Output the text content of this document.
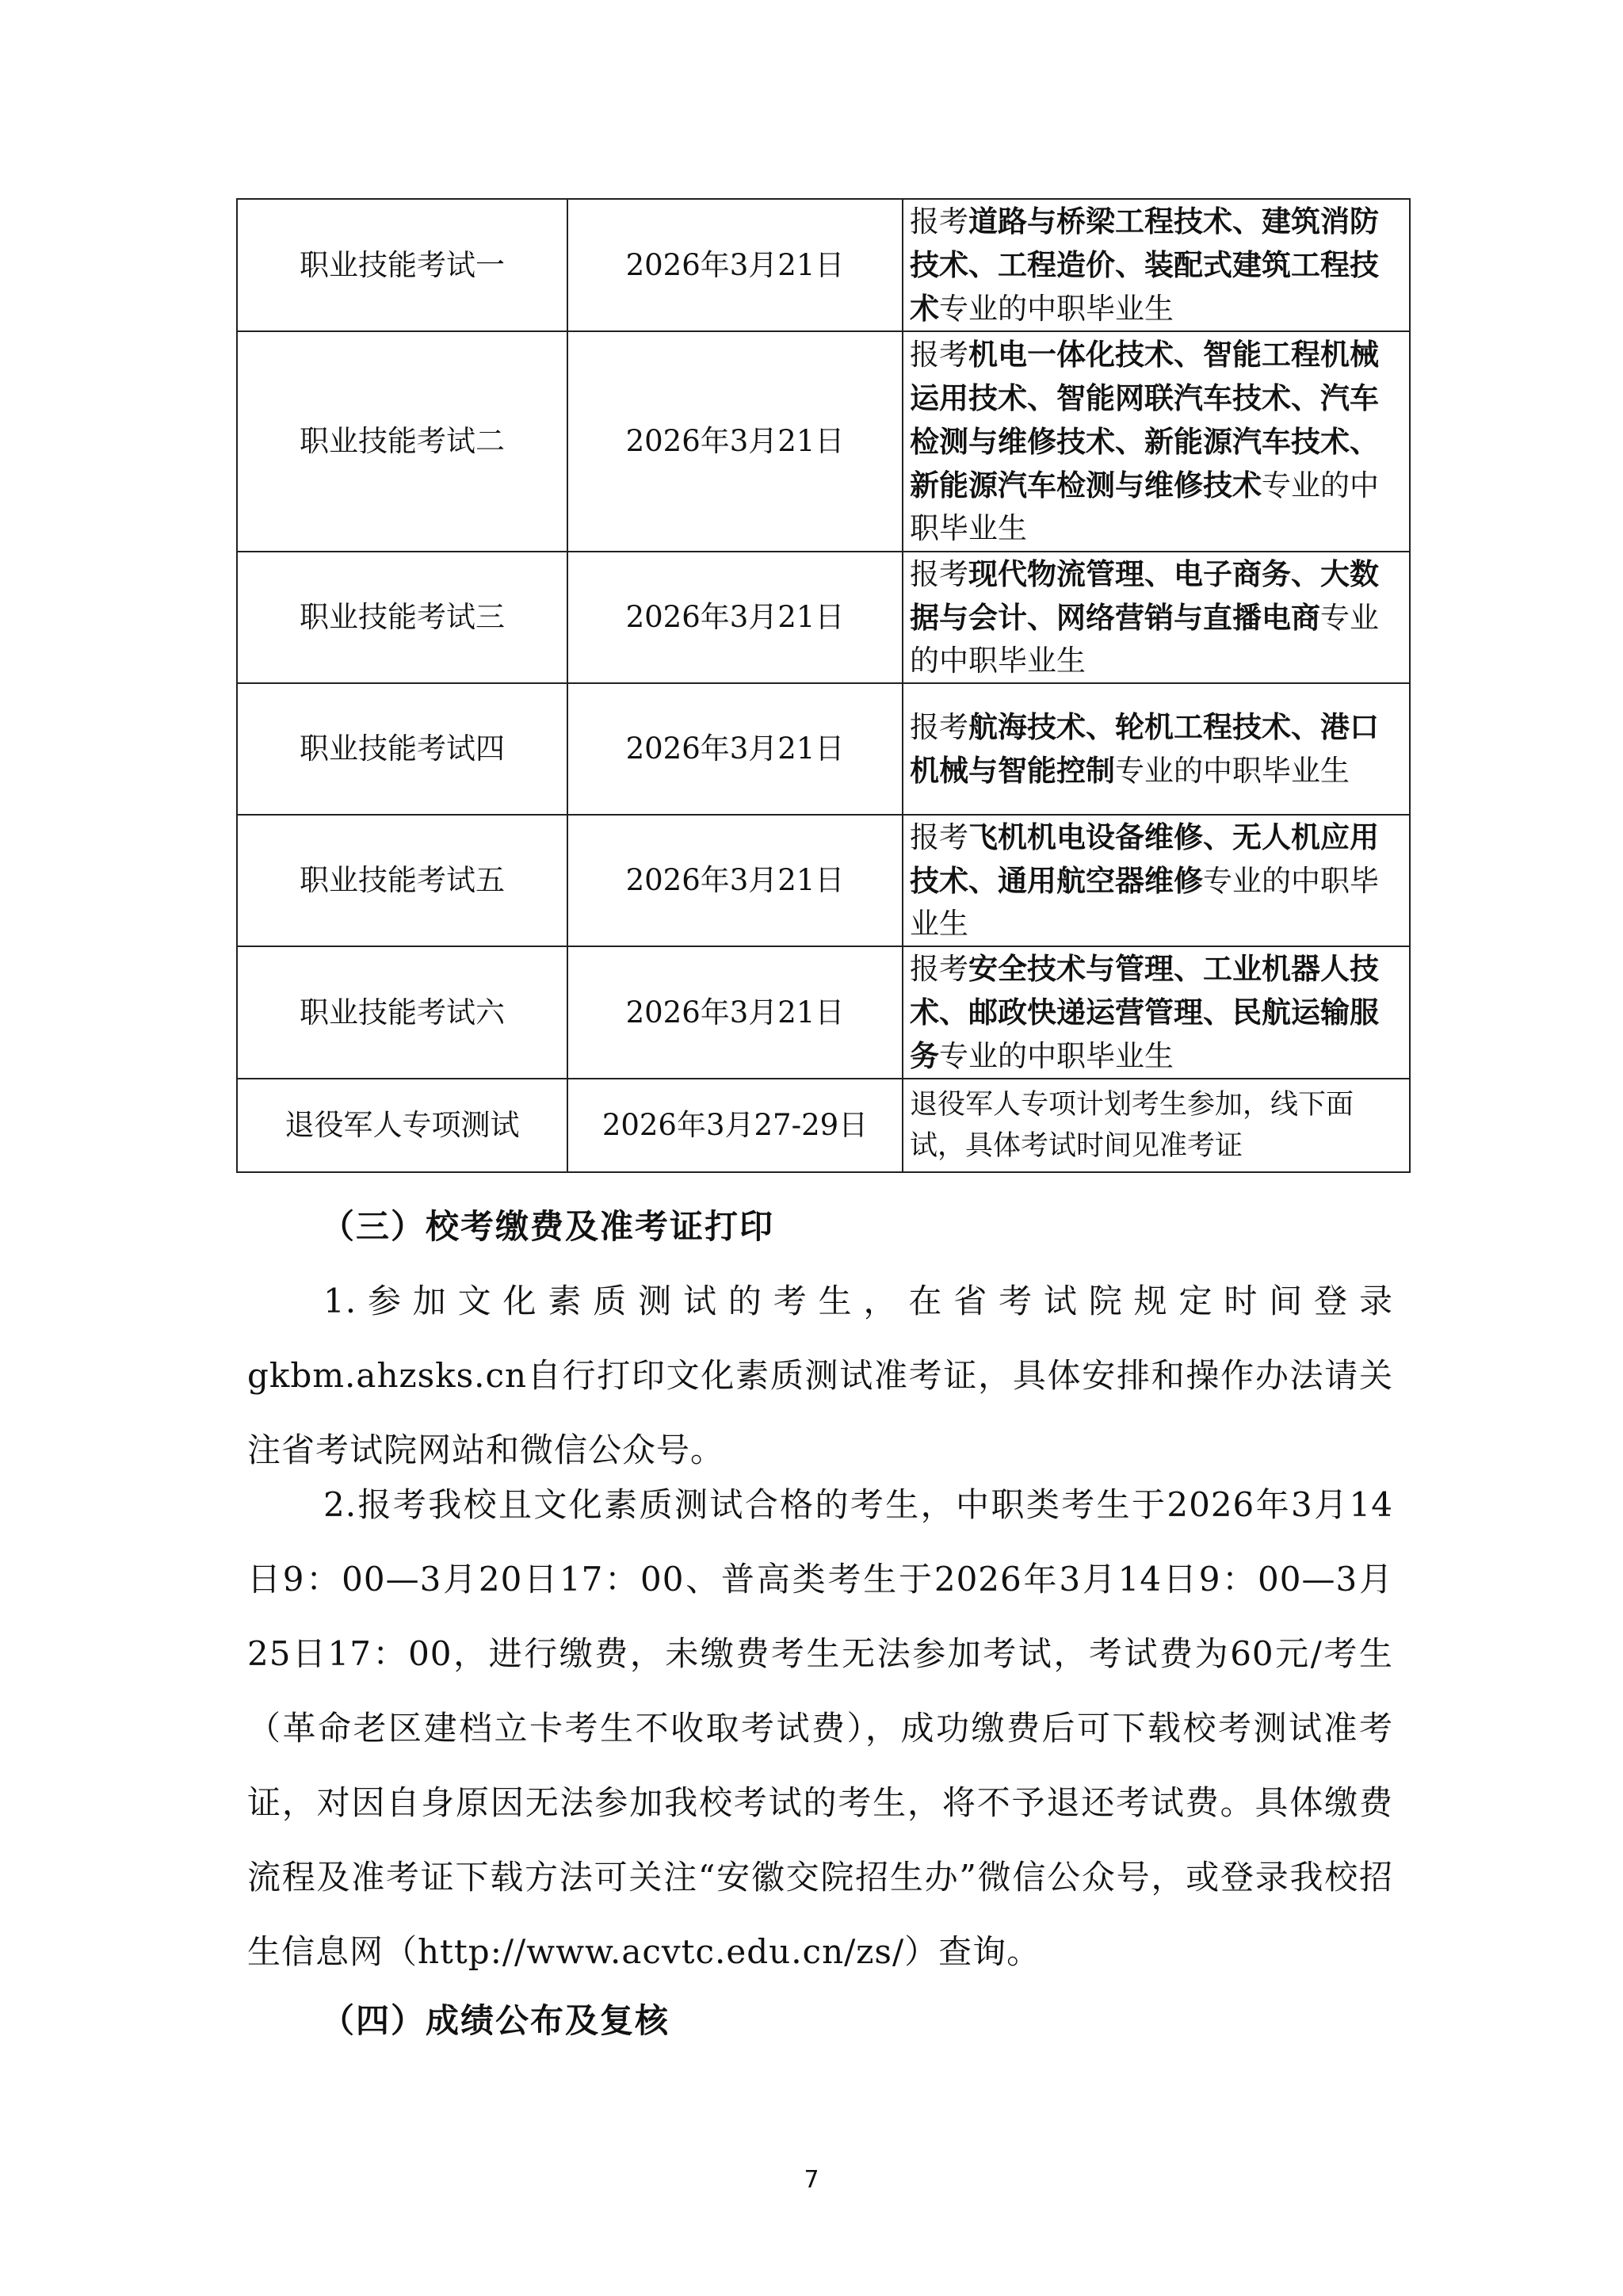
职业技能考试一	2026年3月21日	报考道路与桥梁工程技术、建筑消防技术、工程造价、装配式建筑工程技术专业的中职毕业生
职业技能考试二	2026年3月21日	报考机电一体化技术、智能工程机械运用技术、智能网联汽车技术、汽车检测与维修技术、新能源汽车技术、新能源汽车检测与维修技术专业的中职毕业生
职业技能考试三	2026年3月21日	报考现代物流管理、电子商务、大数据与会计、网络营销与直播电商专业的中职毕业生
职业技能考试四	2026年3月21日	报考航海技术、轮机工程技术、港口机械与智能控制专业的中职毕业生
职业技能考试五	2026年3月21日	报考飞机机电设备维修、无人机应用技术、通用航空器维修专业的中职毕业生
职业技能考试六	2026年3月21日	报考安全技术与管理、工业机器人技术、邮政快递运营管理、民航运输服务专业的中职毕业生
退役军人专项测试	2026年3月27-29日	退役军人专项计划考生参加，线下面试，具体考试时间见准考证
（三）校考缴费及准考证打印
1.参加文化素质测试的考生，在省考试院规定时间登录gkbm.ahzsks.cn自行打印文化素质测试准考证，具体安排和操作办法请关注省考试院网站和微信公众号。
2.报考我校且文化素质测试合格的考生，中职类考生于2026年3月14日9：00—3月20日17：00、普高类考生于2026年3月14日9：00—3月25日17：00，进行缴费，未缴费考生无法参加考试，考试费为60元/考生（革命老区建档立卡考生不收取考试费），成功缴费后可下载校考测试准考证，对因自身原因无法参加我校考试的考生，将不予退还考试费。具体缴费流程及准考证下载方法可关注“安徽交院招生办”微信公众号，或登录我校招生信息网（http://www.acvtc.edu.cn/zs/）查询。
（四）成绩公布及复核
7
